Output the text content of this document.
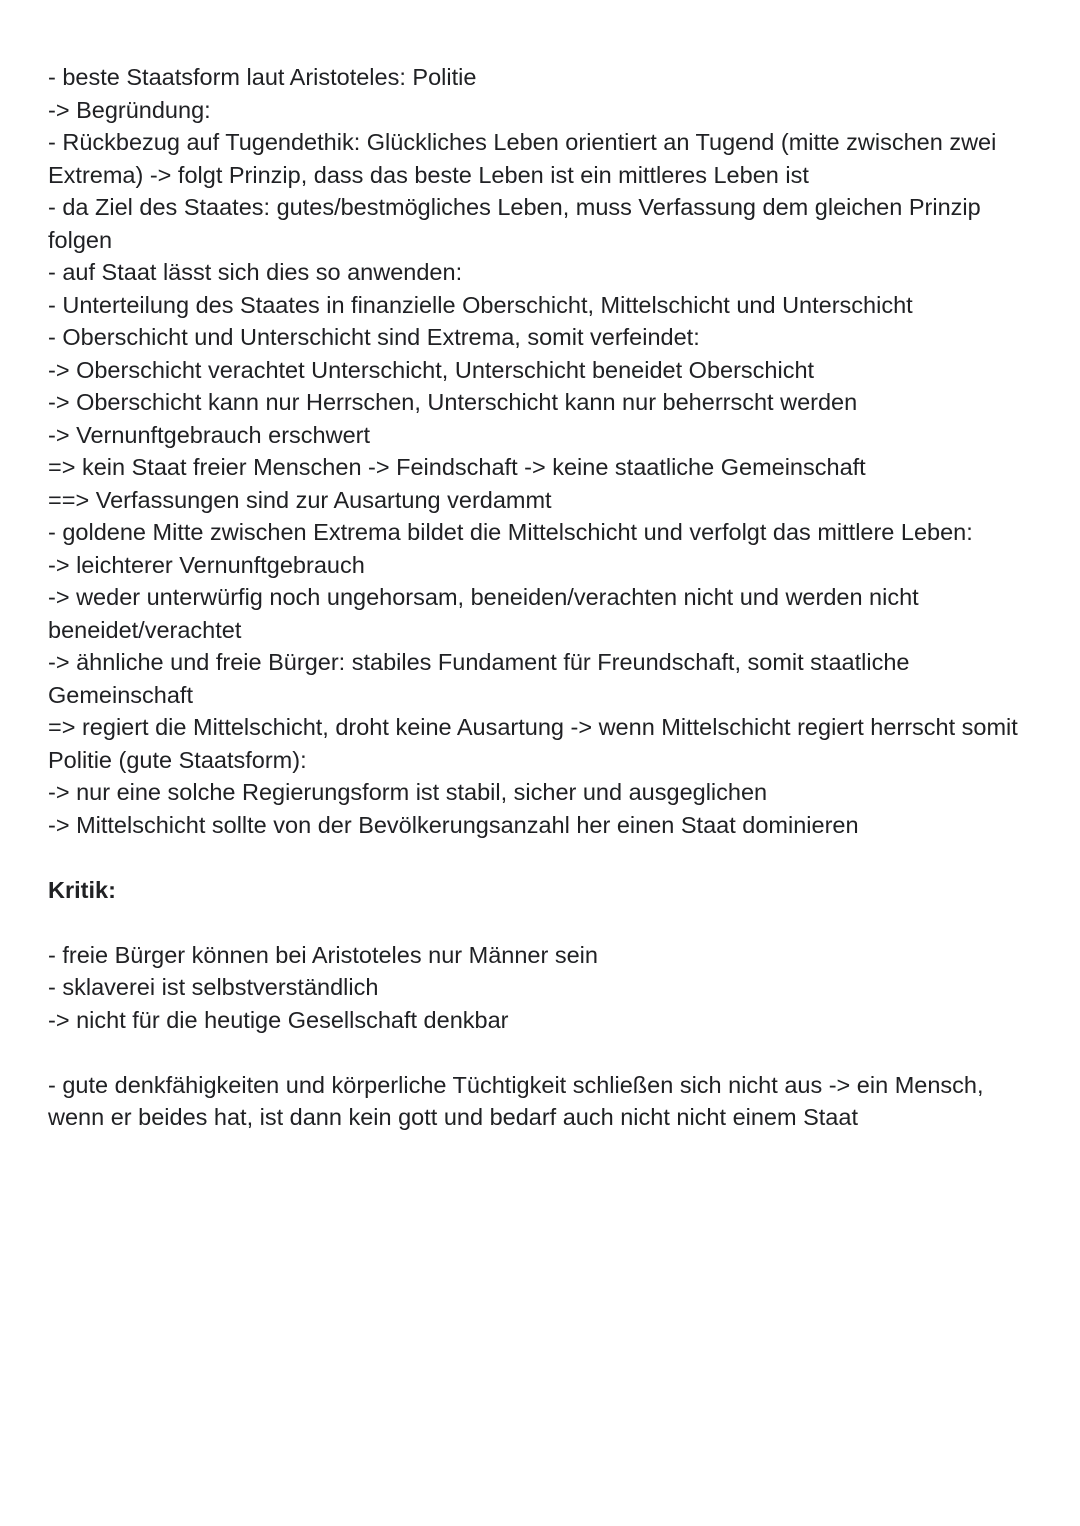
- beste Staatsform laut Aristoteles: Politie

-> Begründung:

- Rückbezug auf Tugendethik: Glückliches Leben orientiert an Tugend (mitte zwischen zwei Extrema) -> folgt Prinzip, dass das beste Leben ist ein mittleres Leben ist

- da Ziel des Staates: gutes/bestmögliches Leben, muss Verfassung dem gleichen Prinzip folgen

- auf Staat lässt sich dies so anwenden:

- Unterteilung des Staates in finanzielle Oberschicht, Mittelschicht und Unterschicht

- Oberschicht und Unterschicht sind Extrema, somit verfeindet:

-> Oberschicht verachtet Unterschicht, Unterschicht beneidet Oberschicht

-> Oberschicht kann nur Herrschen, Unterschicht kann nur beherrscht werden

-> Vernunftgebrauch erschwert

=> kein Staat freier Menschen -> Feindschaft -> keine staatliche Gemeinschaft

==> Verfassungen sind zur Ausartung verdammt

- goldene Mitte zwischen Extrema bildet die Mittelschicht und verfolgt das mittlere Leben:

-> leichterer Vernunftgebrauch

-> weder unterwürfig noch ungehorsam, beneiden/verachten nicht und werden nicht beneidet/verachtet

-> ähnliche und freie Bürger: stabiles Fundament für Freundschaft, somit staatliche Gemeinschaft

=> regiert die Mittelschicht, droht keine Ausartung -> wenn Mittelschicht regiert herrscht somit Politie (gute Staatsform):

-> nur eine solche Regierungsform ist stabil, sicher und ausgeglichen

-> Mittelschicht sollte von der Bevölkerungsanzahl her einen Staat dominieren

Kritik:

- freie Bürger können bei Aristoteles nur Männer sein

- sklaverei ist selbstverständlich

-> nicht für die heutige Gesellschaft denkbar

- gute denkfähigkeiten und körperliche Tüchtigkeit schließen sich nicht aus -> ein Mensch, wenn er beides hat, ist dann kein gott und bedarf auch nicht nicht einem Staat
